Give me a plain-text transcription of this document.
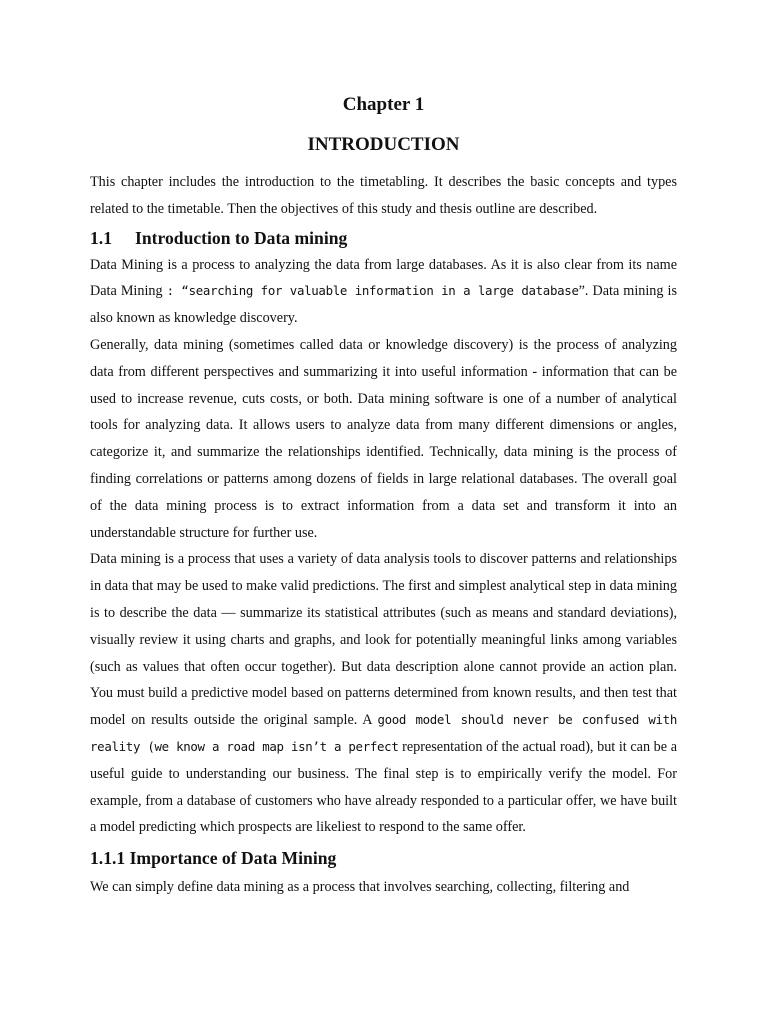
Chapter 1
INTRODUCTION

This chapter includes the introduction to the timetabling. It describes the basic concepts and types related to the timetable. Then the objectives of this study and thesis outline are described.

1.1 Introduction to Data mining

Data Mining is a process to analyzing the data from large databases. As it is also clear from its name Data Mining : “searching for valuable information in a large database”. Data mining is also known as knowledge discovery.

Generally, data mining (sometimes called data or knowledge discovery) is the process of analyzing data from different perspectives and summarizing it into useful information - information that can be used to increase revenue, cuts costs, or both. Data mining software is one of a number of analytical tools for analyzing data. It allows users to analyze data from many different dimensions or angles, categorize it, and summarize the relationships identified. Technically, data mining is the process of finding correlations or patterns among dozens of fields in large relational databases. The overall goal of the data mining process is to extract information from a data set and transform it into an understandable structure for further use.

Data mining is a process that uses a variety of data analysis tools to discover patterns and relationships in data that may be used to make valid predictions. The first and simplest analytical step in data mining is to describe the data — summarize its statistical attributes (such as means and standard deviations), visually review it using charts and graphs, and look for potentially meaningful links among variables (such as values that often occur together). But data description alone cannot provide an action plan. You must build a predictive model based on patterns determined from known results, and then test that model on results outside the original sample. A good model should never be confused with reality (we know a road map isn’t a perfect representation of the actual road), but it can be a useful guide to understanding our business. The final step is to empirically verify the model. For example, from a database of customers who have already responded to a particular offer, we have built a model predicting which prospects are likeliest to respond to the same offer.

1.1.1 Importance of Data Mining

We can simply define data mining as a process that involves searching, collecting, filtering and
